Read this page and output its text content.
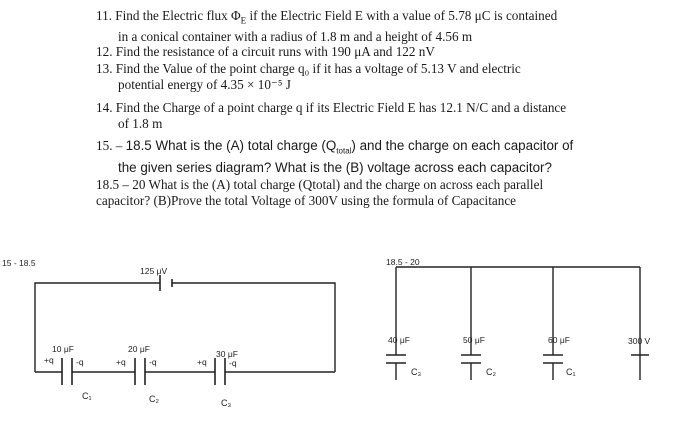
11. Find the Electric flux $\Phi_E$ if the Electric Field E with a value of 5.78 μC is contained
in a conical container with a radius of 1.8 m and a height of 4.56 m
12. Find the resistance of a circuit runs with 190 μA and 122 nV
13. Find the Value of the point charge q₀ if it has a voltage of 5.13 V and electric
potential energy of 4.35 × 10⁻⁵ J
14. Find the Charge of a point charge q if its Electric Field E has 12.1 N/C and a distance
of 1.8 m
15. – 18.5 What is the (A) total charge $(Q_{total})$ and the charge on each capacitor of
the given series diagram? What is the (B) voltage across each capacitor?
18.5 – 20 What is the (A) total charge (Qtotal) and the charge on across each parallel
capacitor? (B)Prove the total Voltage of 300V using the formula of Capacitance
15 - 18.5
125 μV
10 μF	20 μF	30 μF
+q	-q	+q	-q	+q	-q
C₁	C₂	C₃
18.5 - 20
40 μF	50 μF	60 μF	300 V
C₃	C₂	C₁
